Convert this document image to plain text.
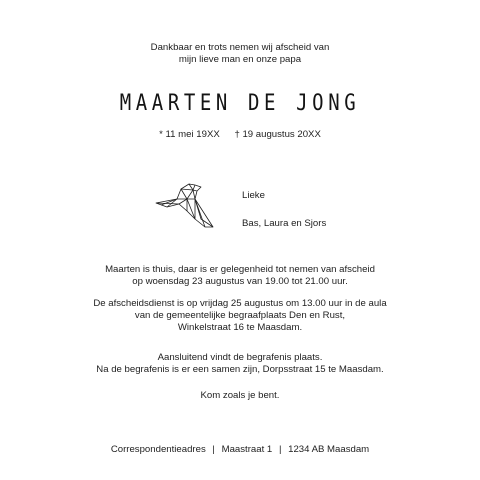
Dankbaar en trots nemen wij afscheid van
mijn lieve man en onze papa
MAARTEN DE JONG
* 11 mei 19XX † 19 augustus 20XX
Lieke
Bas, Laura en Sjors
Maarten is thuis, daar is er gelegenheid tot nemen van afscheid
op woensdag 23 augustus van 19.00 tot 21.00 uur.
De afscheidsdienst is op vrijdag 25 augustus om 13.00 uur in de aula
van de gemeentelijke begraafplaats Den en Rust,
Winkelstraat 16 te Maasdam.
Aansluitend vindt de begrafenis plaats.
Na de begrafenis is er een samen zijn, Dorpsstraat 15 te Maasdam.
Kom zoals je bent.
Correspondentieadres | Maastraat 1 | 1234 AB Maasdam
